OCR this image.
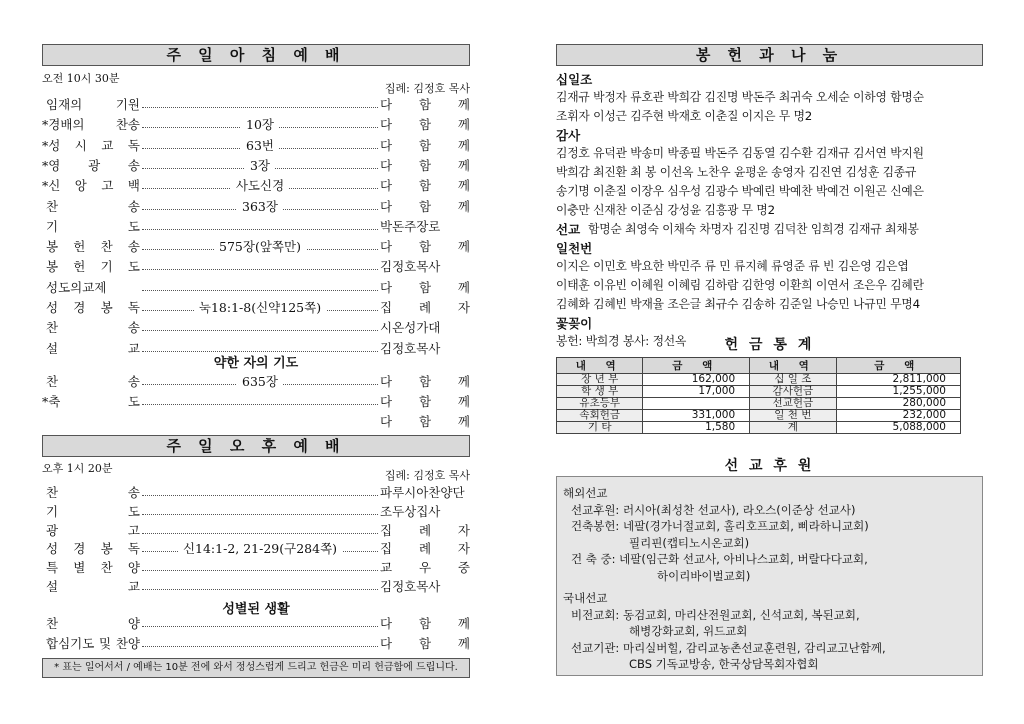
주 일 아 침 예 배
오전 10시 30분
집례: 김정호 목사
임재의 기원	다 함 께
*경배의 찬송	10장	다 함 께
*성 시 교 독	63번	다 함 께
*영 광 송	3장	다 함 께
*신 앙 고 백	사도신경	다 함 께
찬 송	363장	다 함 께
기 도	박돈주장로
봉 헌 찬 송	575장(앞쪽만)	다 함 께
봉 헌 기 도	김정호목사
성도의교제	다 함 께
성 경 봉 독	눅18:1-8(신약125쪽)	집 례 자
찬 송	시온성가대
설 교	김정호목사
약한 자의 기도
찬 송	635장	다 함 께
*축 도	다 함 께
다 함 께
주 일 오 후 예 배
오후 1시 20분
집례: 김정호 목사
찬 송	파루시아찬양단
기 도	조두상집사
광 고	집 례 자
성 경 봉 독	신14:1-2, 21-29(구284쪽)	집 례 자
특 별 찬 양	교 우 중
설 교	김정호목사
성별된 생활
찬 양	다 함 께
합심기도 및 찬양	다 함 께
* 표는 일어서서 / 예배는 10분 전에 와서 정성스럽게 드리고 헌금은 미리 헌금함에 드립니다.
봉 헌 과 나 눔
십일조
김재규 박정자 류호관 박희감 김진명 박돈주 최귀숙 오세순 이하영 함명순
조휘자 이성근 김주현 박재호 이춘질 이지은 무 명2
감사
김정호 유덕관 박송미 박종필 박돈주 김동열 김수환 김재규 김서연 박지원
박희감 최진환 최 봉 이선옥 노찬우 윤평운 송영자 김진연 김성훈 김종규
송기명 이춘질 이장우 심우성 김광수 박예린 박예찬 박예건 이원곤 신예은
이충만 신재찬 이준심 강성윤 김흥광 무 명2
선교 함명순 최영숙 이채숙 차명자 김진명 김덕찬 임희경 김재규 최채봉
일천번
이지은 이민호 박요한 박민주 류 민 류지혜 류영준 류 빈 김은영 김은엽
이태훈 이유빈 이혜원 이혜림 김하람 김한영 이환희 이연서 조은우 김혜란
김혜화 김혜빈 박재율 조은글 최규수 김송하 김준일 나승민 나규민 무명4
꽃꽂이
봉헌: 박희경 봉사: 정선옥	헌 금 통 계
내 역	금 액	내 역	금 액
장 년 부	162,000	십 일 조	2,811,000
학 생 부	17,000	감사헌금	1,255,000
유초등부		선교헌금	280,000
속회헌금	331,000	일 천 번	232,000
기 타	1,580	계	5,088,000
선 교 후 원
해외선교
선교후원: 러시아(최성찬 선교사), 라오스(이준상 선교사)
건축봉헌: 네팔(경가너절교회, 홀리호프교회, 삐라하니교회)
필리핀(캡티노시온교회)
건 축 중: 네팔(임근화 선교사, 아비나스교회, 버랄다다교회,
하이리바이벌교회)
국내선교
비전교회: 동검교회, 마리산전원교회, 신석교회, 복된교회,
해병강화교회, 위드교회
선교기관: 마리실버힐, 감리교농촌선교훈련원, 감리교고난함께,
CBS 기독교방송, 한국상담목회자협회
